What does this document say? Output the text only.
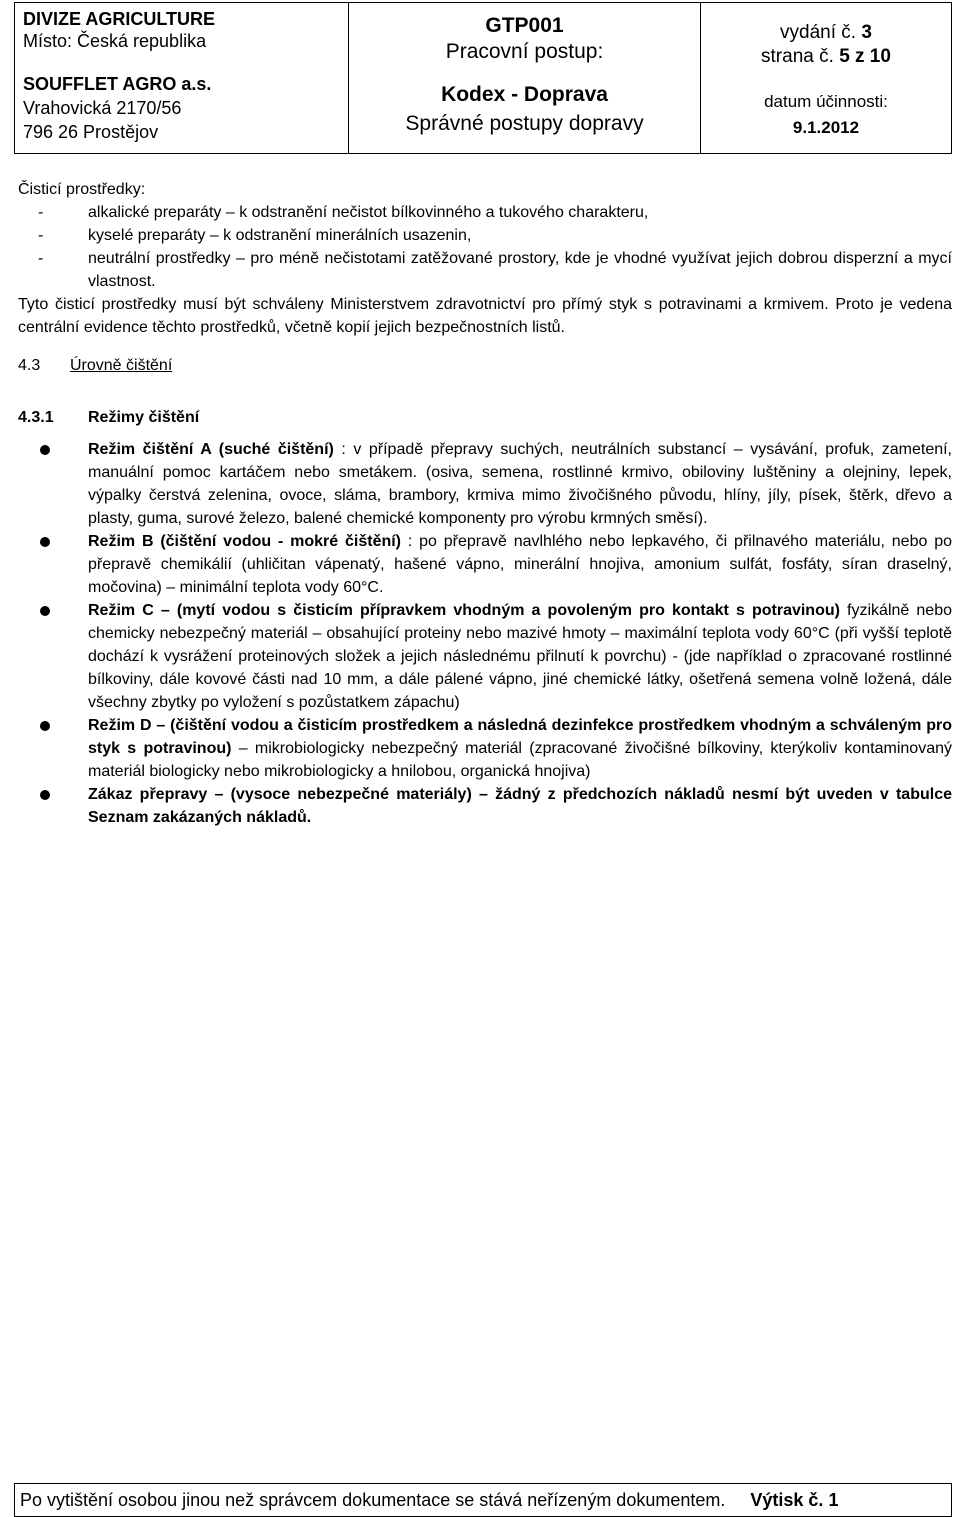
DIVIZE AGRICULTURE
Místo: Česká republika
SOUFFLET AGRO a.s.
Vrahovická 2170/56
796 26 Prostějov
GTP001
Pracovní postup:
Kodex - Doprava
Správné postupy dopravy
vydání č. 3
strana č. 5 z 10
datum účinnosti:
9.1.2012

Čisticí prostředky:

-	alkalické preparáty – k odstranění nečistot bílkovinného a tukového charakteru,
-	kyselé preparáty – k odstranění minerálních usazenin,
-	neutrální prostředky – pro méně nečistotami zatěžované prostory, kde je vhodné využívat jejich dobrou disperzní a mycí vlastnost.

Tyto čisticí prostředky musí být schváleny Ministerstvem zdravotnictví pro přímý styk s potravinami a krmivem. Proto je vedena centrální evidence těchto prostředků, včetně kopií jejich bezpečnostních listů.

4.3 Úrovně čištění

4.3.1 Režimy čištění

Režim čištění A (suché čištění) : v případě přepravy suchých, neutrálních substancí – vysávání, profuk, zametení, manuální pomoc kartáčem nebo smetákem. (osiva, semena, rostlinné krmivo, obiloviny luštěniny a olejniny, lepek, výpalky čerstvá zelenina, ovoce, sláma, brambory, krmiva mimo živočišného původu, hlíny, jíly, písek, štěrk, dřevo a plasty, guma, surové železo, balené chemické komponenty pro výrobu krmných směsí).
Režim B (čištění vodou - mokré čištění) : po přepravě navlhlého nebo lepkavého, či přilnavého materiálu, nebo po přepravě chemikálií (uhličitan vápenatý, hašené vápno, minerální hnojiva, amonium sulfát, fosfáty, síran draselný, močovina) – minimální teplota vody 60°C.
Režim C – (mytí vodou s čisticím přípravkem vhodným a povoleným pro kontakt s potravinou) fyzikálně nebo chemicky nebezpečný materiál – obsahující proteiny nebo mazivé hmoty – maximální teplota vody 60°C (při vyšší teplotě dochází k vysrážení proteinových složek a jejich následnému přilnutí k povrchu) - (jde například o zpracované rostlinné bílkoviny, dále kovové části nad 10 mm, a dále pálené vápno, jiné chemické látky, ošetřená semena volně ložená, dále všechny zbytky po vyložení s pozůstatkem zápachu)
Režim D – (čištění vodou a čisticím prostředkem a následná dezinfekce prostředkem vhodným a schváleným pro styk s potravinou) – mikrobiologicky nebezpečný materiál (zpracované živočišné bílkoviny, kterýkoliv kontaminovaný materiál biologicky nebo mikrobiologicky a hnilobou, organická hnojiva)
Zákaz přepravy – (vysoce nebezpečné materiály) – žádný z předchozích nákladů nesmí být uveden v tabulce Seznam zakázaných nákladů.
Po vytištění osobou jinou než správcem dokumentace se stává neřízeným dokumentem. Výtisk č. 1
